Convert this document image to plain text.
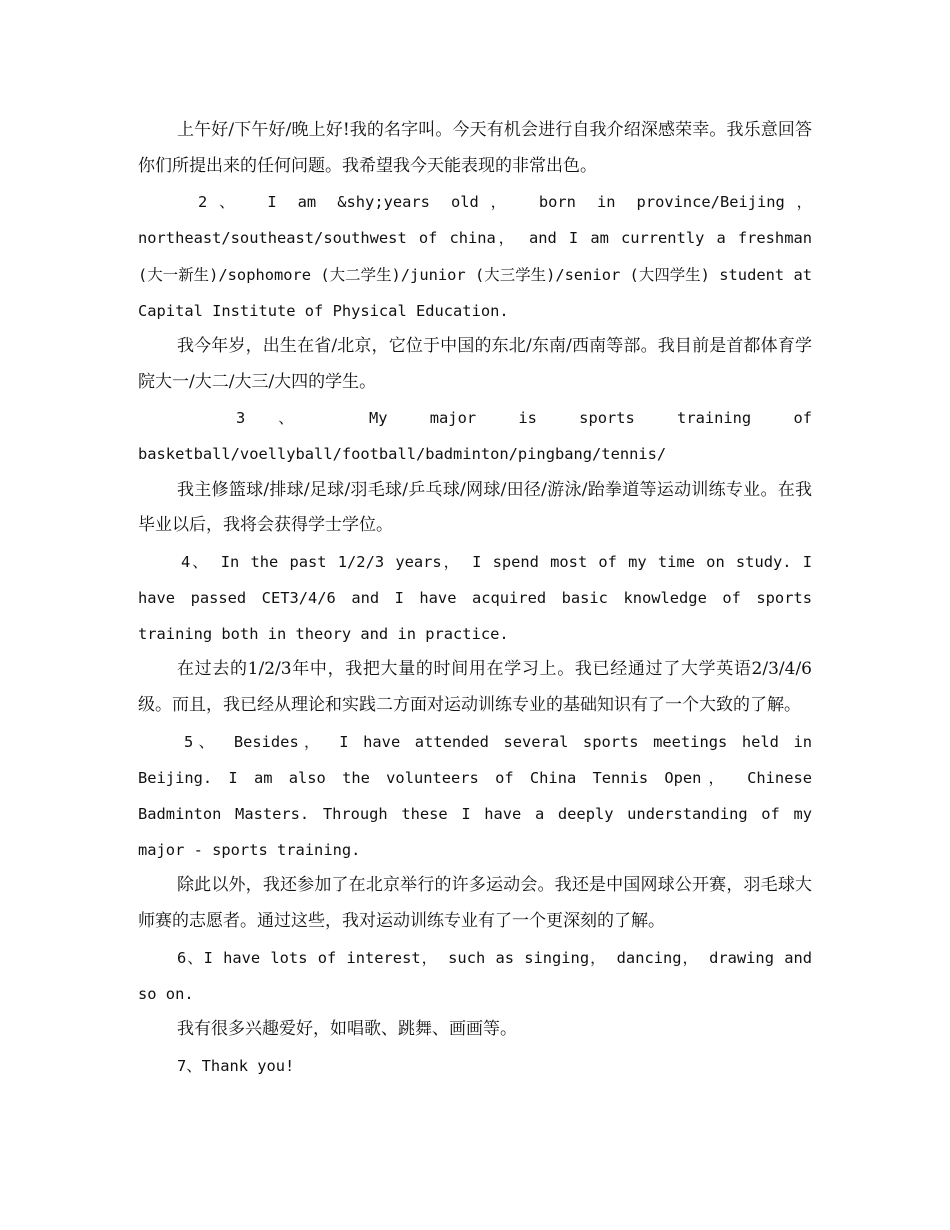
上午好/下午好/晚上好!我的名字叫。今天有机会进行自我介绍深感荣幸。我乐意回答你们所提出来的任何问题。我希望我今天能表现的非常出色。

2、 I am &shy;years old， born in province/Beijing，northeast/southeast/southwest of china， and I am currently a freshman (大一新生)/sophomore (大二学生)/junior (大三学生)/senior (大四学生) student at Capital Institute of Physical Education.

我今年岁，出生在省/北京，它位于中国的东北/东南/西南等部。我目前是首都体育学院大一/大二/大三/大四的学生。

3、 My major is sports training of basketball/voellyball/football/badminton/pingbang/tennis/

我主修篮球/排球/足球/羽毛球/乒乓球/网球/田径/游泳/跆拳道等运动训练专业。在我毕业以后，我将会获得学士学位。

4、 In the past 1/2/3 years， I spend most of my time on study. I have passed CET3/4/6 and I have acquired basic knowledge of sports training both in theory and in practice.

在过去的1/2/3年中，我把大量的时间用在学习上。我已经通过了大学英语2/3/4/6级。而且，我已经从理论和实践二方面对运动训练专业的基础知识有了一个大致的了解。

5、 Besides， I have attended several sports meetings held in Beijing. I am also the volunteers of China Tennis Open， Chinese Badminton Masters. Through these I have a deeply understanding of my major - sports training.

除此以外，我还参加了在北京举行的许多运动会。我还是中国网球公开赛，羽毛球大师赛的志愿者。通过这些，我对运动训练专业有了一个更深刻的了解。

6、I have lots of interest， such as singing， dancing， drawing and so on.

我有很多兴趣爱好，如唱歌、跳舞、画画等。

7、Thank you!
